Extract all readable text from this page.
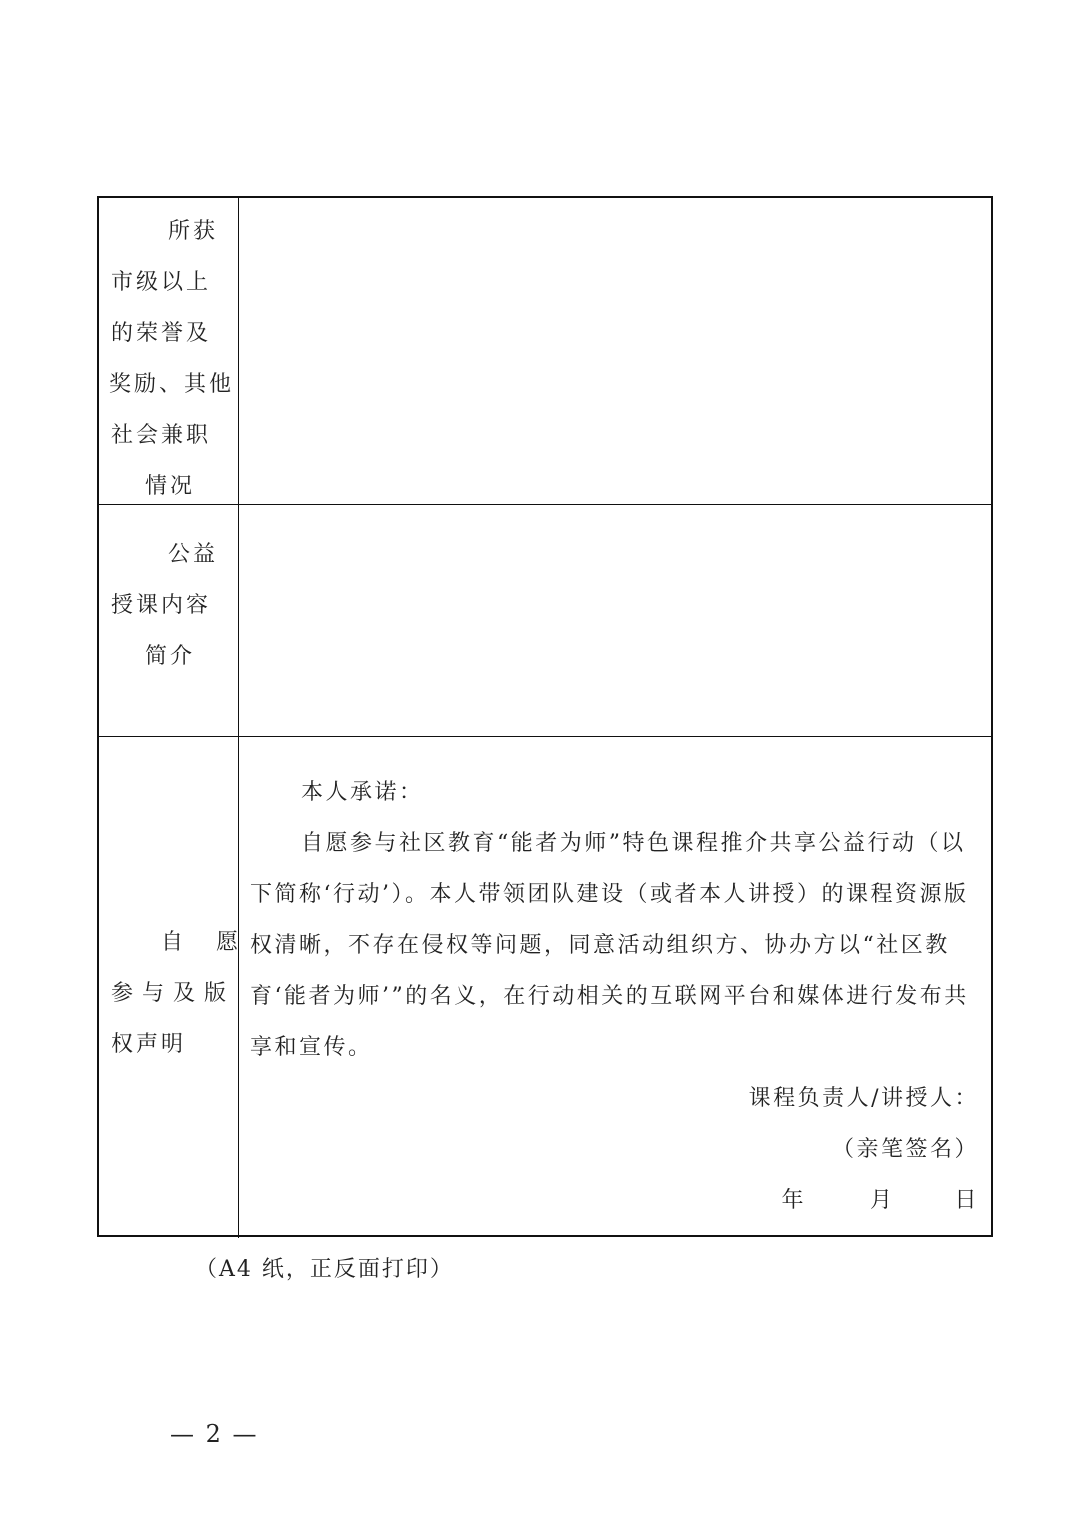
所获
市级以上
的荣誉及
奖励、其他
社会兼职
情况
公益
授课内容
简介
自 愿
参与及版
权声明

本人承诺：

自愿参与社区教育“能者为师”特色课程推介共享公益行动（以下简称‘行动’）。本人带领团队建设（或者本人讲授）的课程资源版权清晰，不存在侵权等问题，同意活动组织方、协办方以“社区教育‘能者为师’”的名义，在行动相关的互联网平台和媒体进行发布共享和宣传。

课程负责人/讲授人：

（亲笔签名）

年	月	日

（A4 纸，正反面打印）
— 2 —
